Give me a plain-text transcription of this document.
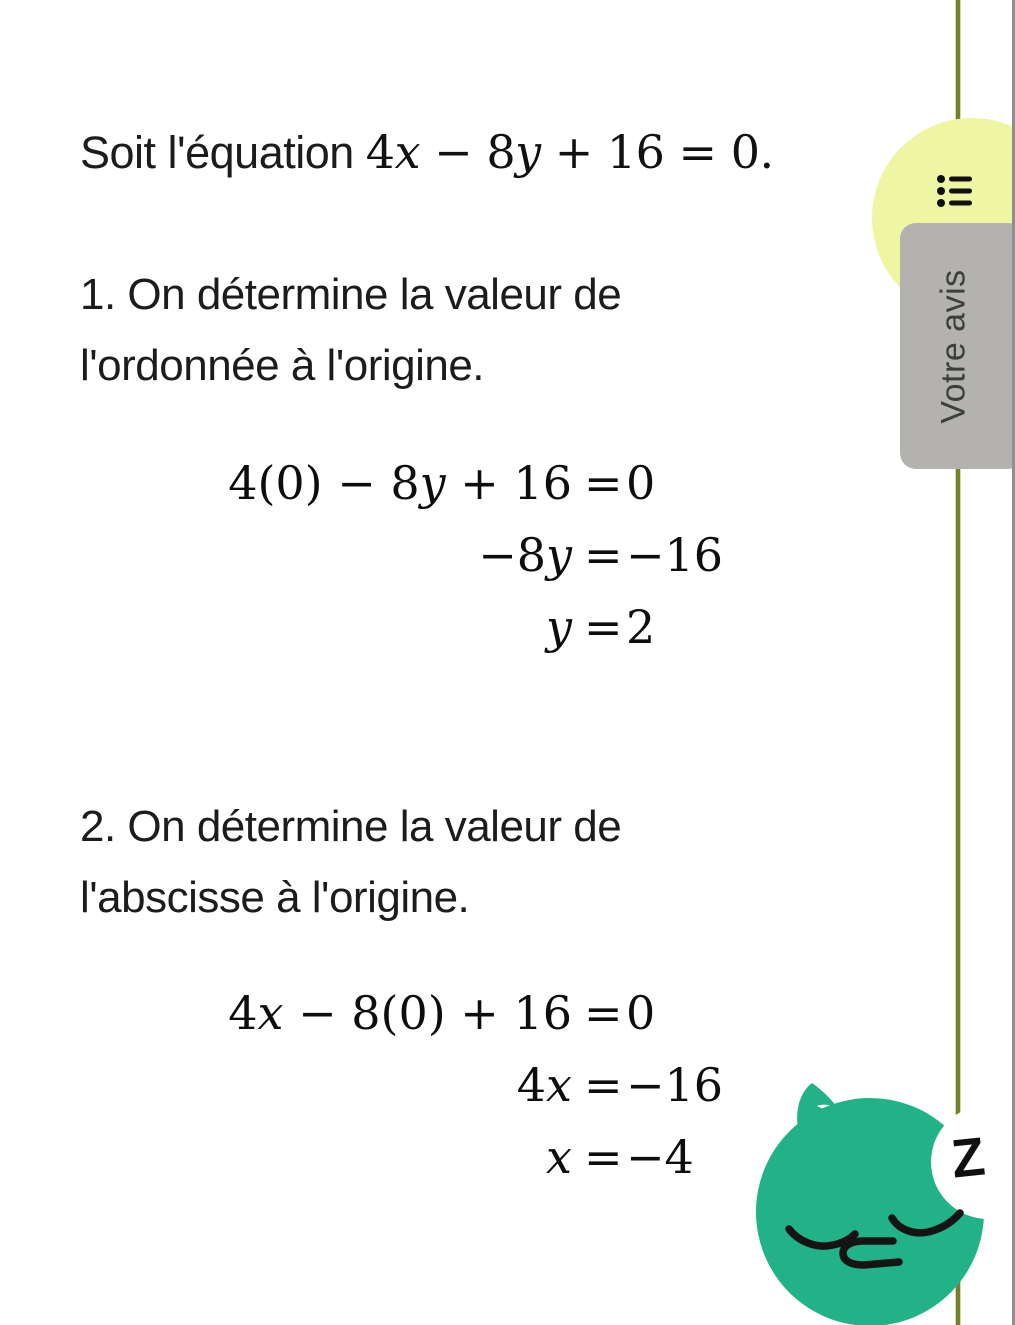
Soit l'équation 4x − 8y + 16 = 0.
1. On détermine la valeur de l'ordonnée à l'origine.
4(0) − 8y + 16 = 0
−8y = −16
y = 2
2. On détermine la valeur de l'abscisse à l'origine.
4x − 8(0) + 16 = 0
4x = −16
x = −4
Votre avis
Z
